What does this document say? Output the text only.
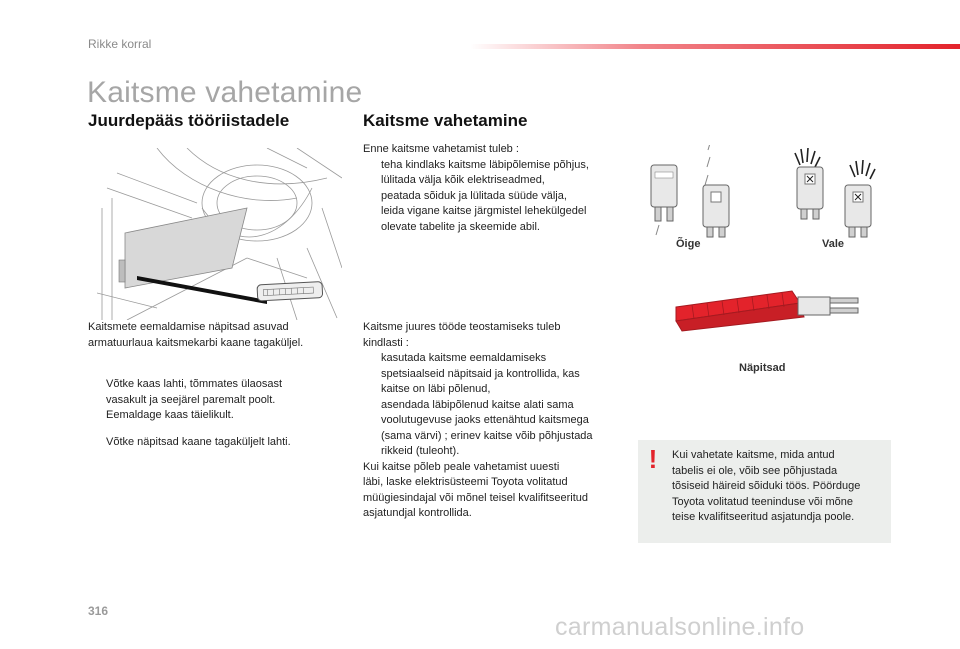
Rikke korral
Kaitsme vahetamine
Juurdepääs tööriistadele
Kaitsmete eemaldamise näpitsad asuvad
armatuurlaua kaitsmekarbi kaane tagaküljel.
Võtke kaas lahti, tõmmates ülaosast
vasakult ja seejärel paremalt poolt.
Eemaldage kaas täielikult.
Võtke näpitsad kaane tagaküljelt lahti.
Kaitsme vahetamine
Enne kaitsme vahetamist tuleb :
teha kindlaks kaitsme läbipõlemise põhjus,
lülitada välja kõik elektriseadmed,
peatada sõiduk ja lülitada süüde välja,
leida vigane kaitse järgmistel lehekülgedel
olevate tabelite ja skeemide abil.
Kaitsme juures tööde teostamiseks tuleb
kindlasti :
kasutada kaitsme eemaldamiseks
spetsiaalseid näpitsaid ja kontrollida, kas
kaitse on läbi põlenud,
asendada läbipõlenud kaitse alati sama
voolutugevuse jaoks ettenähtud kaitsmega
(sama värvi) ; erinev kaitse võib põhjustada
rikkeid (tuleoht).
Kui kaitse põleb peale vahetamist uuesti
läbi, laske elektrisüsteemi Toyota volitatud
müügiesindajal või mõnel teisel kvalifitseeritud
asjatundjal kontrollida.
Õige	Vale
Näpitsad
!	Kui vahetate kaitsme, mida antud
tabelis ei ole, võib see põhjustada
tõsiseid häireid sõiduki töös. Pöörduge
Toyota volitatud teeninduse või mõne
teise kvalifitseeritud asjatundja poole.
316
carmanualsonline.info
